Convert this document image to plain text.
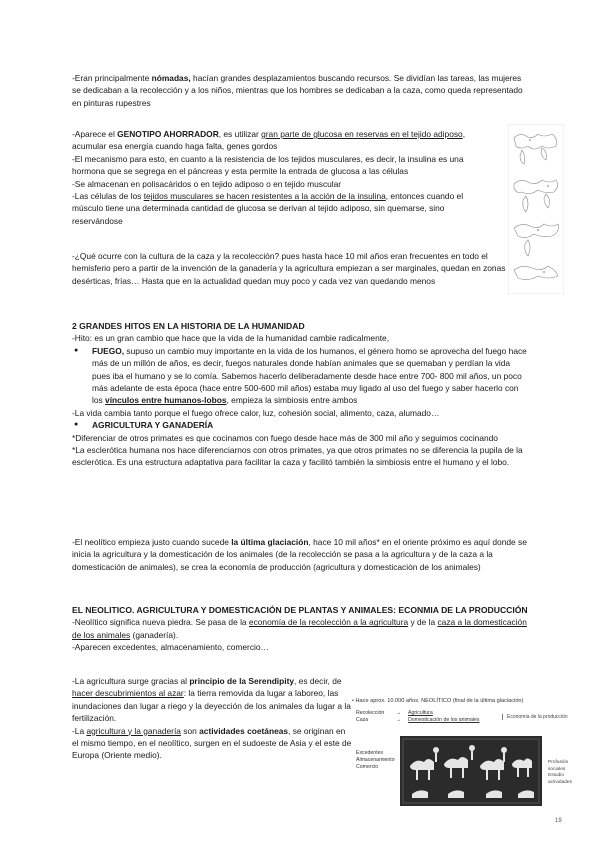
-Eran principalmente nómadas, hacían grandes desplazamientos buscando recursos. Se dividían las tareas, las mujeres se dedicaban a la recolección y a los niños, mientras que los hombres se dedicaban a la caza, como queda representado en pinturas rupestres

-Aparece el GENOTIPO AHORRADOR, es utilizar gran parte de glucosa en reservas en el tejido adiposo, acumular esa energía cuando haga falta, genes gordos

-El mecanismo para esto, en cuanto a la resistencia de los tejidos musculares, es decir, la insulina es una hormona que se segrega en el páncreas y esta permite la entrada de glucosa a las células

-Se almacenan en polisacáridos o en tejido adiposo o en tejido muscular

-Las células de los tejidos musculares se hacen resistentes a la acción de la insulina, entonces cuando el músculo tiene una determinada cantidad de glucosa se derivan al tejido adiposo, sin quemarse, sino reservándose

-¿Qué ocurre con la cultura de la caza y la recolección? pues hasta hace 10 mil años eran frecuentes en todo el hemisferio pero a partir de la invención de la ganadería y la agricultura empiezan a ser marginales, quedan en zonas desérticas, frías… Hasta que en la actualidad quedan muy poco y cada vez van quedando menos

2 GRANDES HITOS EN LA HISTORIA DE LA HUMANIDAD

-Hito: es un gran cambio que hace que la vida de la humanidad cambie radicalmente,

● FUEGO, supuso un cambio muy importante en la vida de los humanos, el género homo se aprovecha del fuego hace más de un millón de años, es decir, fuegos naturales donde habían animales que se quemaban y perdían la vida pues iba el humano y se lo comía. Sabemos hacerlo deliberadamente desde hace entre 700- 800 mil años, un poco más adelante de esta época (hace entre 500-600 mil años) estaba muy ligado al uso del fuego y saber hacerlo con los vínculos entre humanos-lobos, empieza la simbiosis entre ambos

-La vida cambia tanto porque el fuego ofrece calor, luz, cohesión social, alimento, caza, alumado…

● AGRICULTURA Y GANADERÍA

*Diferenciar de otros primates es que cocinamos con fuego desde hace más de 300 mil año y seguimos cocinando

*La esclerótica humana nos hace diferenciarnos con otros primates, ya que otros primates no se diferencia la pupila de la esclerótica. Es una estructura adaptativa para facilitar la caza y facilitó también la simbiosis entre el humano y el lobo.

-El neolítico empieza justo cuando sucede la última glaciación, hace 10 mil años* en el oriente próximo es aquí donde se inicia la agricultura y la domesticación de los animales (de la recolección se pasa a la agricultura y de la caza a la domesticación de animales), se crea la economía de producción (agricultura y domesticación de los animales)

EL NEOLITICO. AGRICULTURA Y DOMESTICACIÓN DE PLANTAS Y ANIMALES: ECONMIA DE LA PRODUCCIÓN

-Neolítico significa nueva piedra. Se pasa de la economía de la recolección a la agricultura y de la caza a la domesticación de los animales (ganadería).

-Aparecen excedentes, almacenamiento, comercio…

-La agricultura surge gracias al principio de la Serendipity, es decir, de hacer descubrimientos al azar: la tierra removida da lugar a laboreo, las inundaciones dan lugar a riego y la deyección de los animales da lugar a la fertilización.

-La agricultura y la ganadería son actividades coetáneas, se originan en el mismo tiempo, en el neolítico, surgen en el sudoeste de Asia y el este de Europa (Oriente medio).

• Hace aprox. 10.000 años. NEOLÍTICO (final de la última glaciación)
Recolección
Caza
→
→
Agricultura
Domesticación de los animales	Economía de la producción
Excedentes
Almacenamiento
Comercio
Profusión sociales
Estudio actividades
19
